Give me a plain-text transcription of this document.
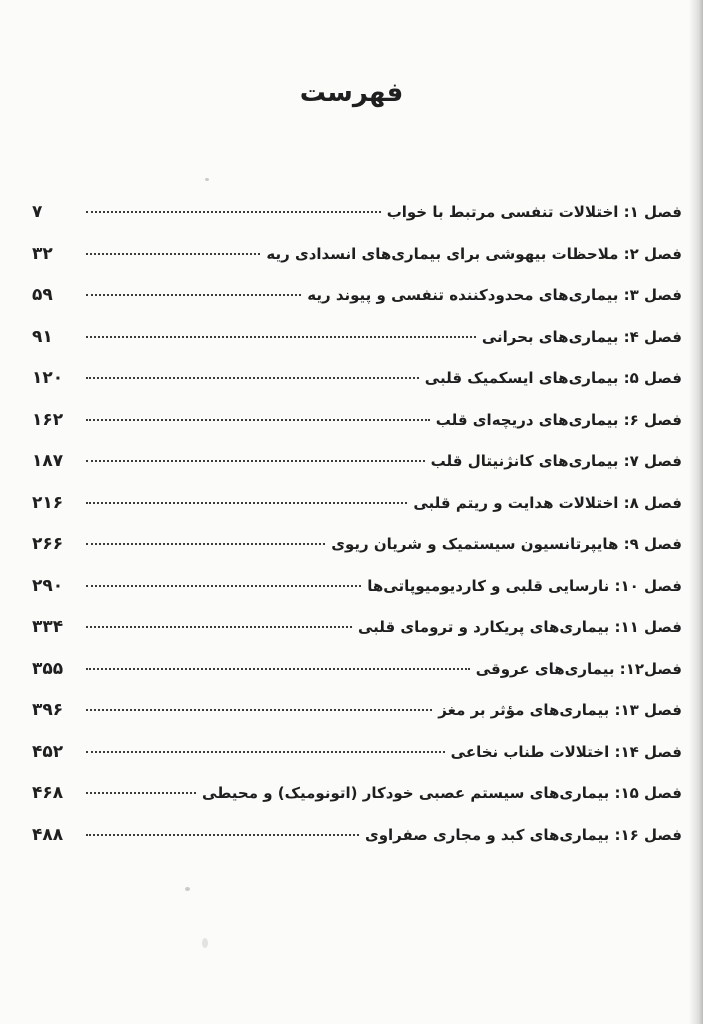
فهرست
فصل ۱: اختلالات تنفسی مرتبط با خواب
۷
فصل ۲: ملاحظات بیهوشی برای بیماری‌های انسدادی ریه
۳۲
فصل ۳: بیماری‌های محدودکننده تنفسی و پیوند ریه
۵۹
فصل ۴: بیماری‌های بحرانی
۹۱
فصل ۵: بیماری‌های ایسکمیک قلبی
۱۲۰
فصل ۶: بیماری‌های دریچه‌ای قلب
۱۶۲
فصل ۷: بیماری‌های کانژنیتال قلب
۱۸۷
فصل ۸: اختلالات هدایت و ریتم قلبی
۲۱۶
فصل ۹: هایپرتانسیون سیستمیک و شریان ریوی
۲۶۶
فصل ۱۰: نارسایی قلبی و کاردیومیوپاتی‌ها
۲۹۰
فصل ۱۱: بیماری‌های پریکارد و ترومای قلبی
۳۳۴
فصل۱۲: بیماری‌های عروقی
۳۵۵
فصل ۱۳: بیماری‌های مؤثر بر مغز
۳۹۶
فصل ۱۴: اختلالات طناب نخاعی
۴۵۲
فصل ۱۵: بیماری‌های سیستم عصبی خودکار (اتونومیک) و محیطی
۴۶۸
فصل ۱۶: بیماری‌های کبد و مجاری صفراوی
۴۸۸
